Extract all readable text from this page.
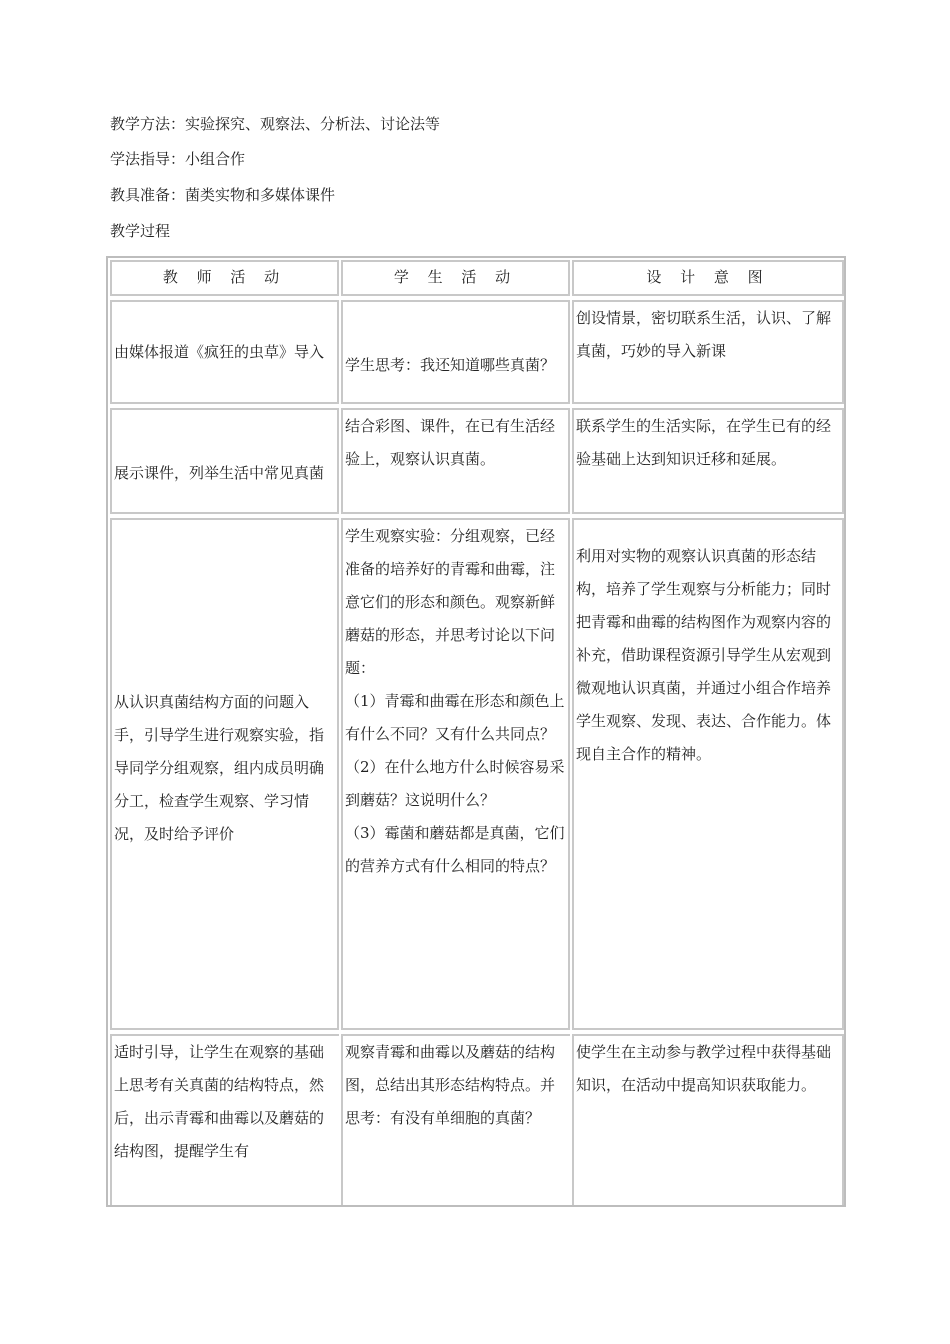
教学方法：实验探究、观察法、分析法、讨论法等
学法指导：小组合作
教具准备：菌类实物和多媒体课件
教学过程
教 师 活 动	学 生 活 动	设 计 意 图
由媒体报道《疯狂的虫草》导入
学生思考：我还知道哪些真菌？
创设情景，密切联系生活，认识、了解真菌，巧妙的导入新课
展示课件，列举生活中常见真菌
结合彩图、课件，在已有生活经验上，观察认识真菌。
联系学生的生活实际，在学生已有的经验基础上达到知识迁移和延展。
从认识真菌结构方面的问题入手，引导学生进行观察实验，指导同学分组观察，组内成员明确分工，检查学生观察、学习情况，及时给予评价
学生观察实验：分组观察，已经准备的培养好的青霉和曲霉，注意它们的形态和颜色。观察新鲜蘑菇的形态，并思考讨论以下问题：
（1）青霉和曲霉在形态和颜色上有什么不同？又有什么共同点？
（2）在什么地方什么时候容易采到蘑菇？这说明什么？
（3）霉菌和蘑菇都是真菌，它们的营养方式有什么相同的特点？
利用对实物的观察认识真菌的形态结构，培养了学生观察与分析能力；同时把青霉和曲霉的结构图作为观察内容的补充，借助课程资源引导学生从宏观到微观地认识真菌，并通过小组合作培养学生观察、发现、表达、合作能力。体现自主合作的精神。
适时引导，让学生在观察的基础上思考有关真菌的结构特点，然后，出示青霉和曲霉以及蘑菇的结构图，提醒学生有
观察青霉和曲霉以及蘑菇的结构图，总结出其形态结构特点。并思考：有没有单细胞的真菌？
使学生在主动参与教学过程中获得基础知识，在活动中提高知识获取能力。
